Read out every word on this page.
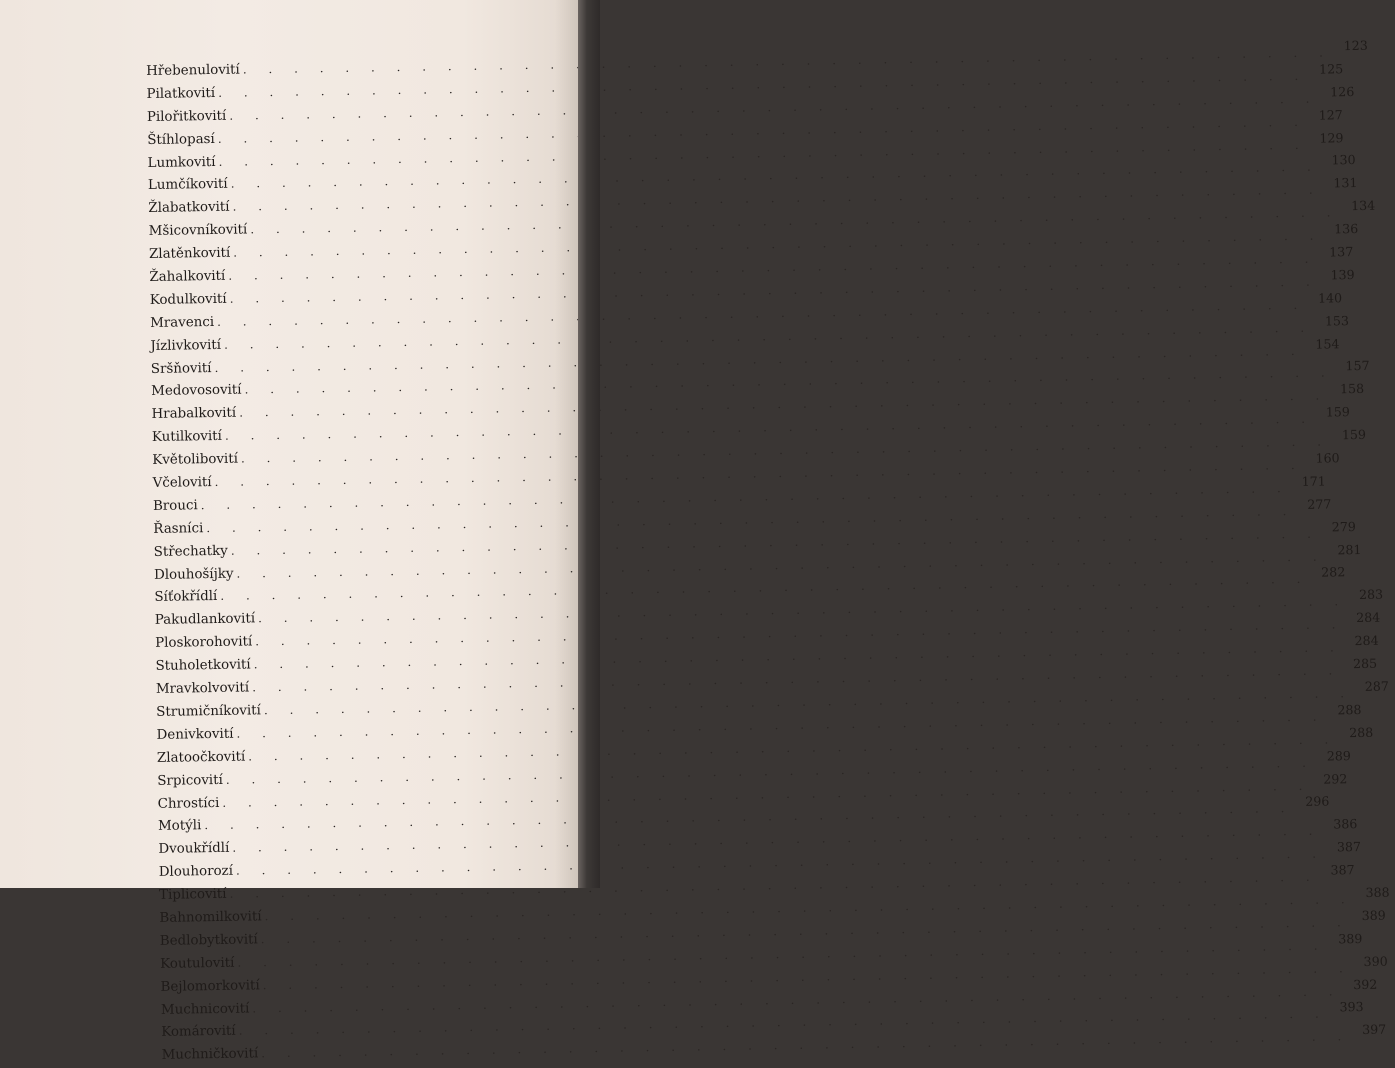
Hřebenulovití
. . .
123
Pilatkovití
. . .
125
Pilořitkovití
. . .
126
Štíhlopasí
. . .
127
Lumkovití
. . .
129
Lumčíkovití
. . .
130
Žlabatkovití
. . .
131
Mšicovníkovití
. . .
134
Zlatěnkovití
. . .
136
Žahalkovití
. . .
137
Kodulkovití
. . .
139
Mravenci
. . .
140
Jízlivkovití
. . .
153
Sršňovití
. . .
154
Medovosovití
. . .
157
Hrabalkovití
. . .
158
Kutilkovití
. . .
159
Květolibovití
. . .
159
Včelovití
. . .
160
Brouci
. . .
171
Řasníci
. . .
277
Střechatky
. . .
279
Dlouhošíjky
. . .
281
Síťokřídlí
. . .
282
Pakudlankovití
. . .
283
Ploskorohovití
. . .
284
Stuholetkovití
. . .
284
Mravkolvovití
. . .
285
Strumičníkovití
. . .
287
Denivkovití
. . .
288
Zlatoočkovití
. . .
288
Srpicovití
. . .
289
Chrostíci
. . .
292
Motýli
. . .
296
Dvoukřídlí
. . .
386
Dlouhorozí
. . .
387
Tiplicovití
. . .
387
Bahnomilkovití
. . .
388
Bedlobytkovití
. . .
389
Koutulovití
. . .
389
Bejlomorkovití
. . .
390
Muchnicovití
. . .
392
Komárovití
. . .
393
Muchničkovití
. . .
397
